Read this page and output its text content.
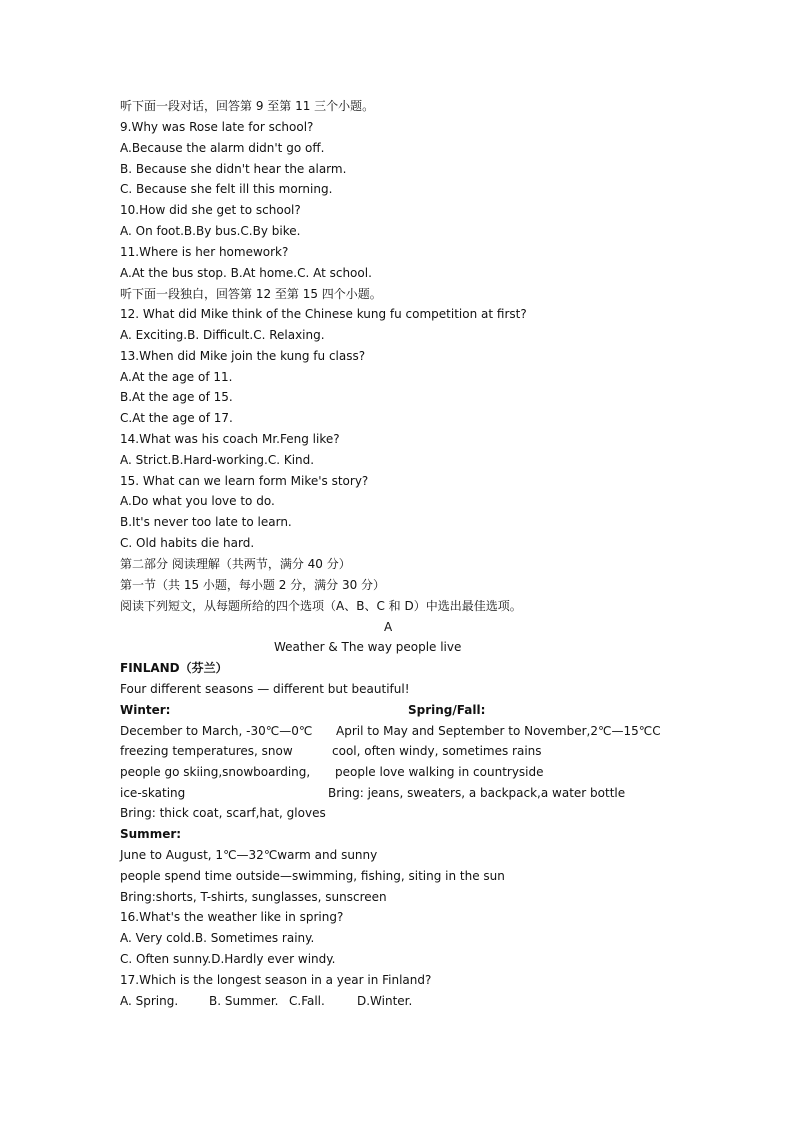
听下面一段对话，回答第 9 至第 11 三个小题。
9.Why was Rose late for school?
A.Because the alarm didn't go off.
B. Because she didn't hear the alarm.
C. Because she felt ill this morning.
10.How did she get to school?
A. On foot.B.By bus.C.By bike.
11.Where is her homework?
A.At the bus stop. B.At home.C. At school.
听下面一段独白，回答第 12 至第 15 四个小题。
12. What did Mike think of the Chinese kung fu competition at first?
A. Exciting.B. Difficult.C. Relaxing.
13.When did Mike join the kung fu class?
A.At the age of 11.
B.At the age of 15.
C.At the age of 17.
14.What was his coach Mr.Feng like?
A. Strict.B.Hard-working.C. Kind.
15. What can we learn form Mike's story?
A.Do what you love to do.
B.It's never too late to learn.
C. Old habits die hard.
第二部分 阅读理解（共两节，满分 40 分）
第一节（共 15 小题，每小题 2 分，满分 30 分）
阅读下列短文，从每题所给的四个选项（A、B、C 和 D）中选出最佳选项。
A
Weather & The way people live
FINLAND（芬兰）
Four different seasons — different but beautiful!
Winter:	Spring/Fall:
December to March, -30℃—0℃ April to May and September to November,2℃—15℃C
freezing temperatures, snow	cool, often windy, sometimes rains
people go skiing,snowboarding, people love walking in countryside
ice-skating	Bring: jeans, sweaters, a backpack,a water bottle
Bring: thick coat, scarf,hat, gloves
Summer:
June to August, 1℃—32℃warm and sunny
people spend time outside—swimming, fishing, siting in the sun
Bring:shorts, T-shirts, sunglasses, sunscreen
16.What's the weather like in spring?
A. Very cold.B. Sometimes rainy.
C. Often sunny.D.Hardly ever windy.
17.Which is the longest season in a year in Finland?
A. Spring.	B. Summer. C.Fall.	D.Winter.
